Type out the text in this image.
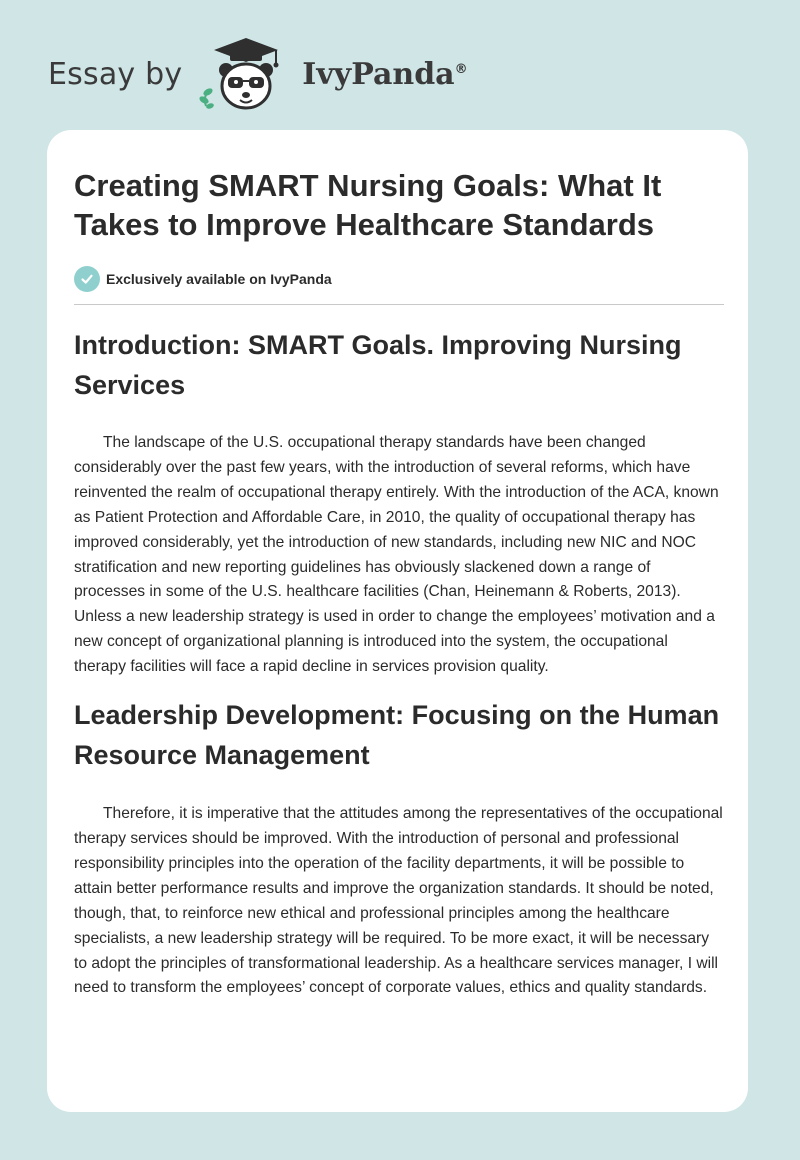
Essay by	IvyPanda®
Creating SMART Nursing Goals: What It Takes to Improve Healthcare Standards
Exclusively available on IvyPanda
Introduction: SMART Goals. Improving Nursing Services

The landscape of the U.S. occupational therapy standards have been changed considerably over the past few years, with the introduction of several reforms, which have reinvented the realm of occupational therapy entirely. With the introduction of the ACA, known as Patient Protection and Affordable Care, in 2010, the quality of occupational therapy has improved considerably, yet the introduction of new standards, including new NIC and NOC stratification and new reporting guidelines has obviously slackened down a range of processes in some of the U.S. healthcare facilities (Chan, Heinemann & Roberts, 2013). Unless a new leadership strategy is used in order to change the employees’ motivation and a new concept of organizational planning is introduced into the system, the occupational therapy facilities will face a rapid decline in services provision quality.

Leadership Development: Focusing on the Human Resource Management

Therefore, it is imperative that the attitudes among the representatives of the occupational therapy services should be improved. With the introduction of personal and professional responsibility principles into the operation of the facility departments, it will be possible to attain better performance results and improve the organization standards. It should be noted, though, that, to reinforce new ethical and professional principles among the healthcare specialists, a new leadership strategy will be required. To be more exact, it will be necessary to adopt the principles of transformational leadership. As a healthcare services manager, I will need to transform the employees’ concept of corporate values, ethics and quality standards.
